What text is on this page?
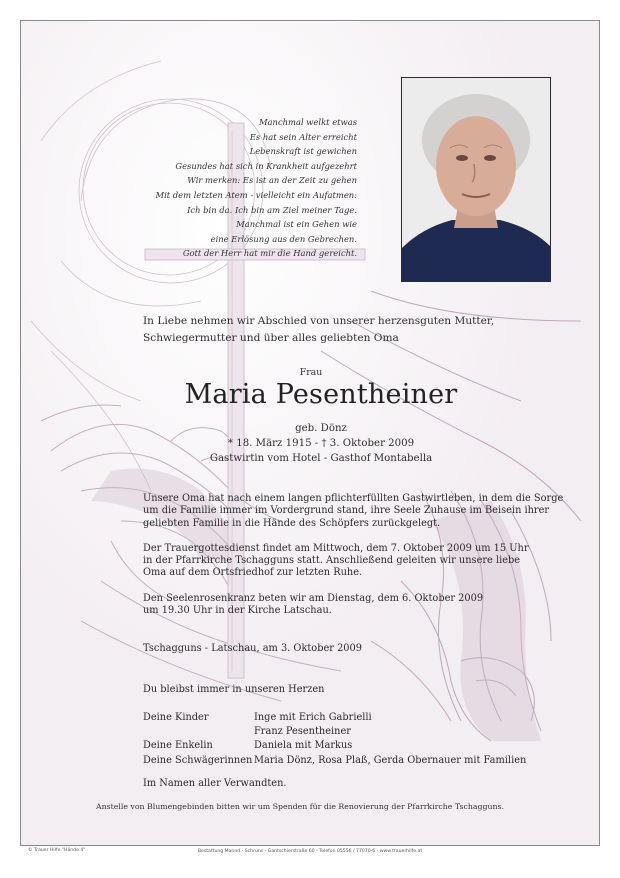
Manchmal welkt etwas
Es hat sein Alter erreicht
Lebenskraft ist gewichen
Gesundes hat sich in Krankheit aufgezehrt
Wir merken: Es ist an der Zeit zu gehen
Mit dem letzten Atem - vielleicht ein Aufatmen:
Ich bin da. Ich bin am Ziel meiner Tage.
Manchmal ist ein Gehen wie
eine Erlösung aus den Gebrechen.
Gott der Herr hat mir die Hand gereicht.
In Liebe nehmen wir Abschied von unserer herzensguten Mutter,
Schwiegermutter und über alles geliebten Oma
Frau
Maria Pesentheiner
geb. Dönz
* 18. März 1915 - † 3. Oktober 2009
Gastwirtin vom Hotel - Gasthof Montabella

Unsere Oma hat nach einem langen pflichterfüllten Gastwirtleben, in dem die Sorge

um die Familie immer im Vordergrund stand, ihre Seele Zuhause im Beisein ihrer

geliebten Familie in die Hände des Schöpfers zurückgelegt.

Der Trauergottesdienst findet am Mittwoch, dem 7. Oktober 2009 um 15 Uhr

in der Pfarrkirche Tschagguns statt. Anschließend geleiten wir unsere liebe

Oma auf dem Ortsfriedhof zur letzten Ruhe.

Den Seelenrosenkranz beten wir am Dienstag, dem 6. Oktober 2009

um 19.30 Uhr in der Kirche Latschau.

Tschagguns - Latschau, am 3. Oktober 2009
Du bleibst immer in unseren Herzen
Deine Kinder	Inge mit Erich Gabrielli
Franz Pesentheiner
Deine Enkelin	Daniela mit Markus
Deine Schwägerinnen Maria Dönz, Rosa Plaß, Gerda Obernauer mit Familien
Im Namen aller Verwandten.
Anstelle von Blumengebinden bitten wir um Spenden für die Renovierung der Pfarrkirche Tschagguns.
© Trauer Hilfe "Hände 4"	Bestattung Mannd - Schruns - Gantschierstraße 60 - Telefon 05556 / 77070-6 - www.trauerhilfe.at
